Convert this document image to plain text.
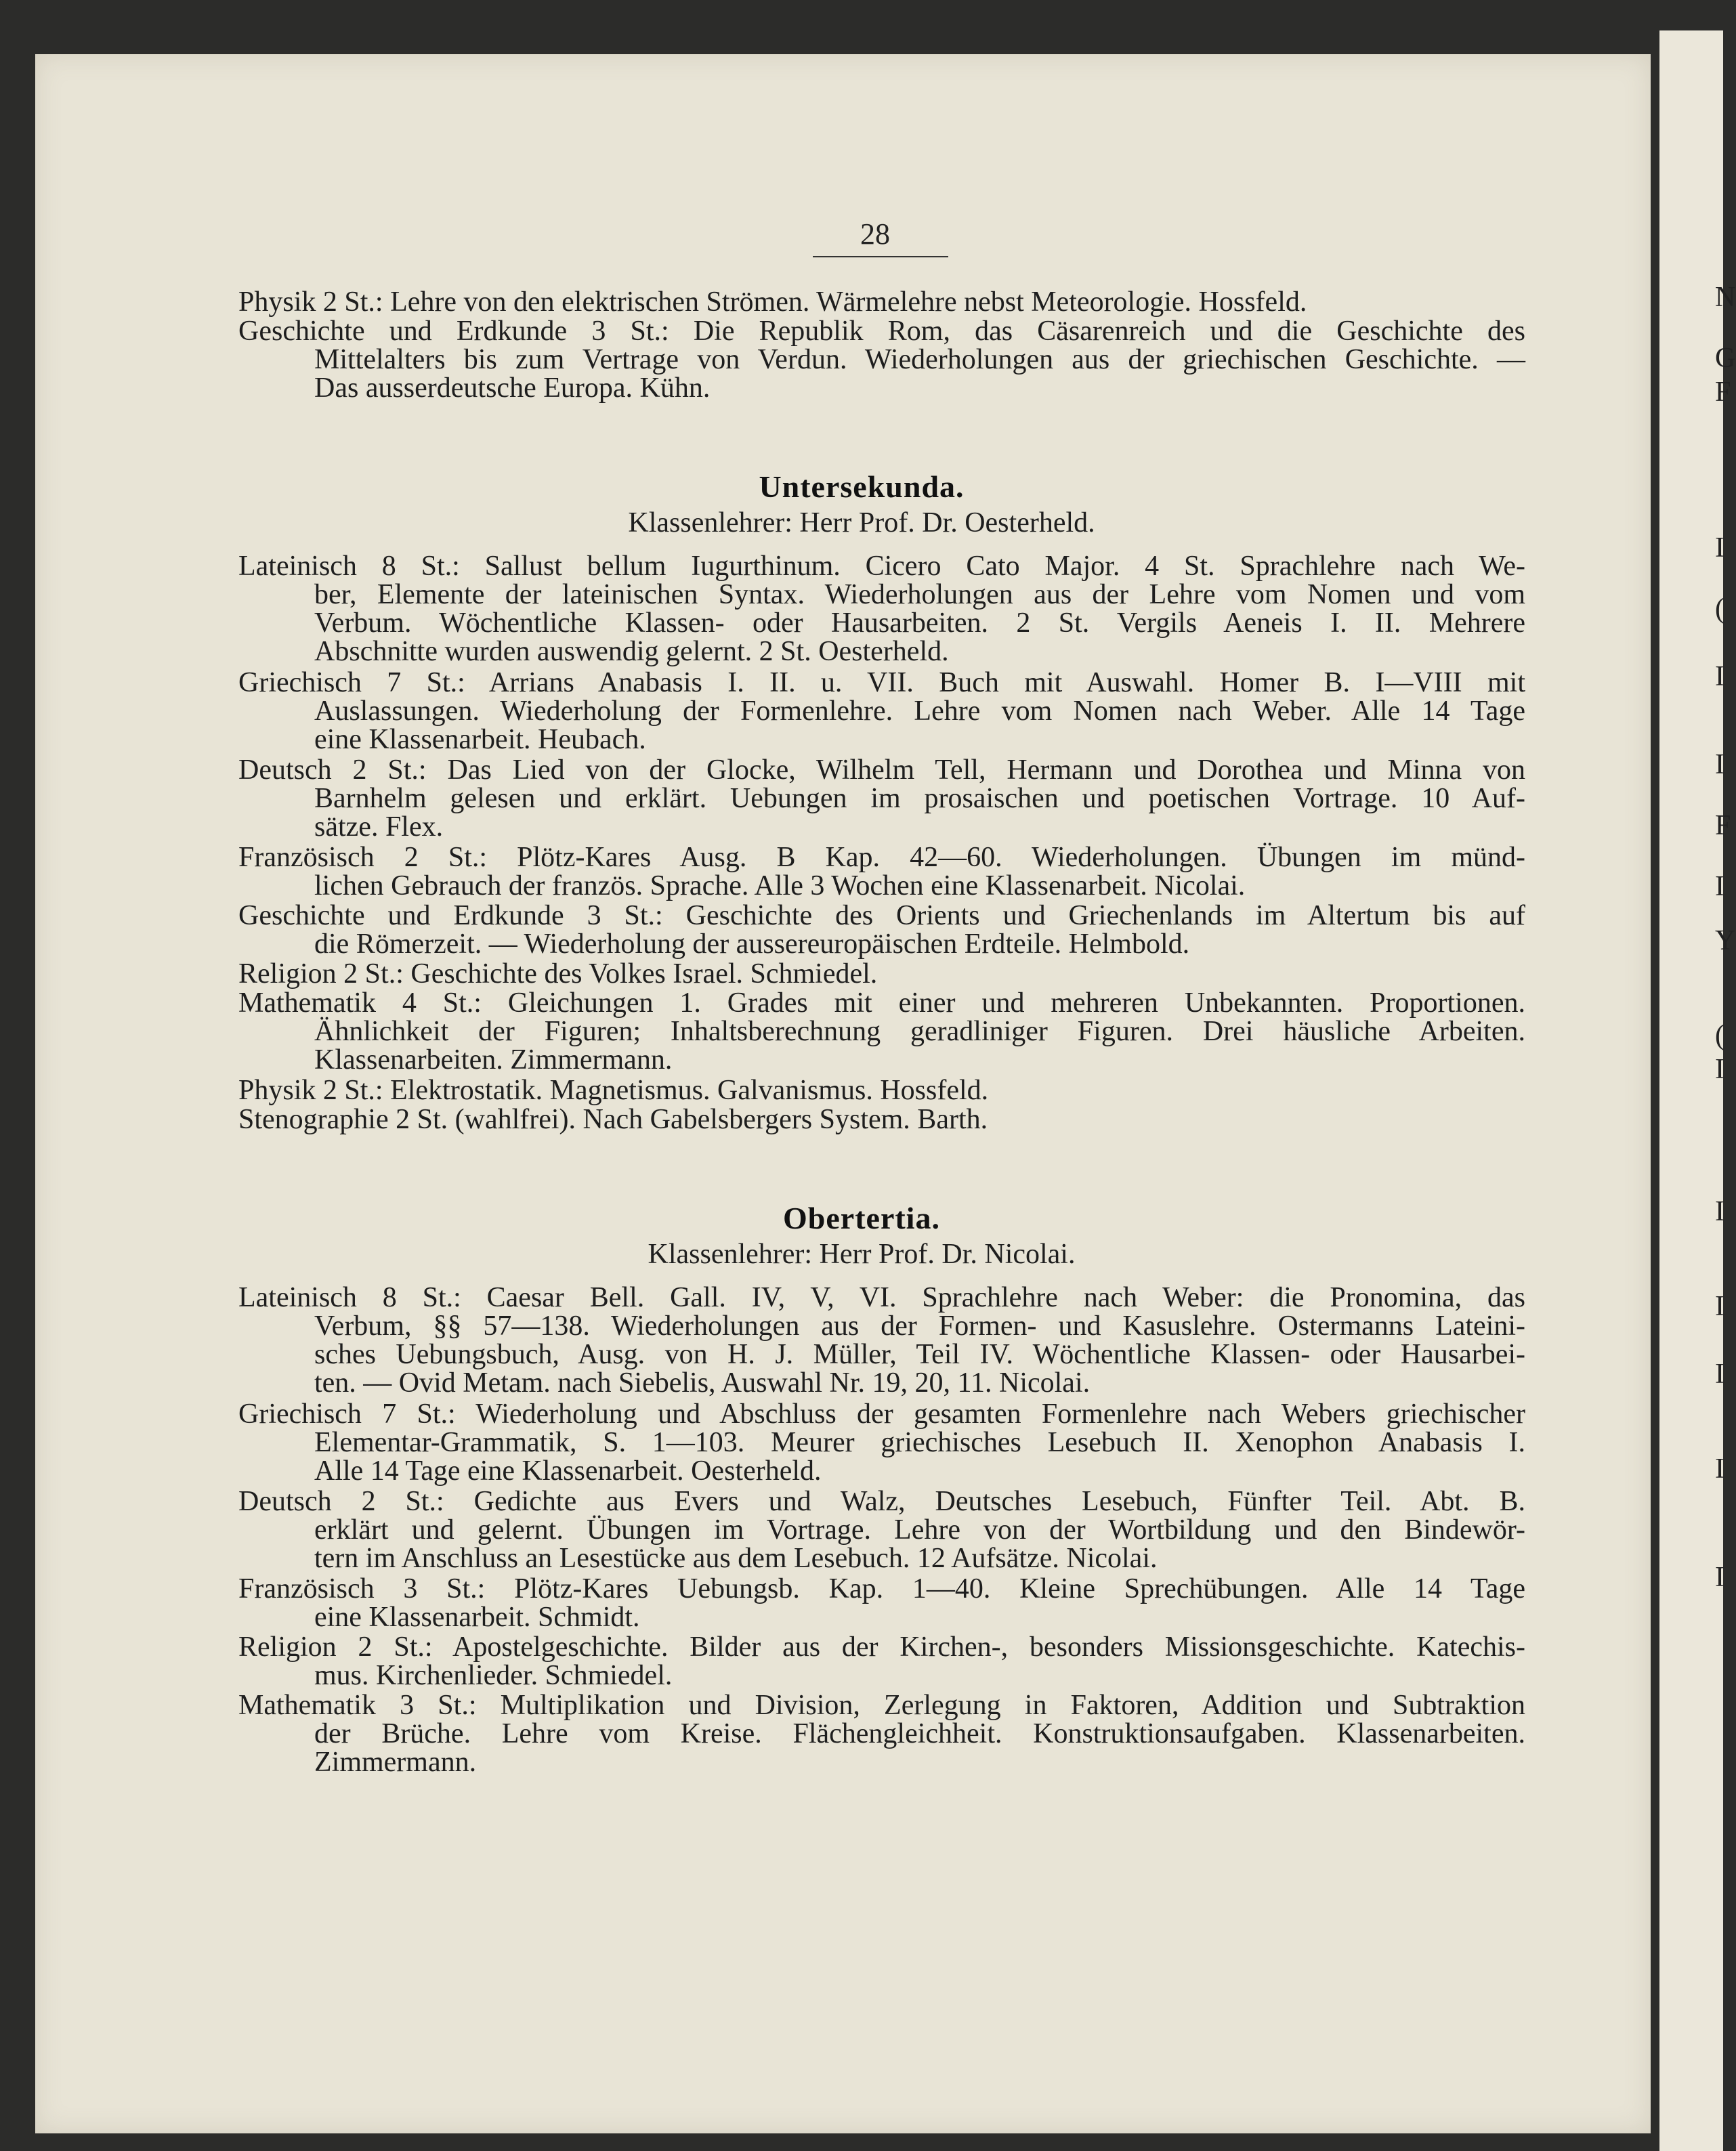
N
G
F
I
(
I
I
F
I
Y
(
I
I
I
I
I
I
28
Physik 2 St.: Lehre von den elektrischen Strömen. Wärmelehre nebst Meteorologie. Hossfeld.
Geschichte und Erdkunde 3 St.: Die Republik Rom, das Cäsarenreich und die Geschichte des
Mittelalters bis zum Vertrage von Verdun. Wiederholungen aus der griechischen Geschichte. —
Das ausserdeutsche Europa. Kühn.
Untersekunda.
Klassenlehrer: Herr Prof. Dr. Oesterheld.
Lateinisch 8 St.: Sallust bellum Iugurthinum. Cicero Cato Major. 4 St. Sprachlehre nach We-
ber, Elemente der lateinischen Syntax. Wiederholungen aus der Lehre vom Nomen und vom
Verbum. Wöchentliche Klassen- oder Hausarbeiten. 2 St. Vergils Aeneis I. II. Mehrere
Abschnitte wurden auswendig gelernt. 2 St. Oesterheld.
Griechisch 7 St.: Arrians Anabasis I. II. u. VII. Buch mit Auswahl. Homer B. I—VIII mit
Auslassungen. Wiederholung der Formenlehre. Lehre vom Nomen nach Weber. Alle 14 Tage
eine Klassenarbeit. Heubach.
Deutsch 2 St.: Das Lied von der Glocke, Wilhelm Tell, Hermann und Dorothea und Minna von
Barnhelm gelesen und erklärt. Uebungen im prosaischen und poetischen Vortrage. 10 Auf-
sätze. Flex.
Französisch 2 St.: Plötz-Kares Ausg. B Kap. 42—60. Wiederholungen. Übungen im münd-
lichen Gebrauch der französ. Sprache. Alle 3 Wochen eine Klassenarbeit. Nicolai.
Geschichte und Erdkunde 3 St.: Geschichte des Orients und Griechenlands im Altertum bis auf
die Römerzeit. — Wiederholung der aussereuropäischen Erdteile. Helmbold.
Religion 2 St.: Geschichte des Volkes Israel. Schmiedel.
Mathematik 4 St.: Gleichungen 1. Grades mit einer und mehreren Unbekannten. Proportionen.
Ähnlichkeit der Figuren; Inhaltsberechnung geradliniger Figuren. Drei häusliche Arbeiten.
Klassenarbeiten. Zimmermann.
Physik 2 St.: Elektrostatik. Magnetismus. Galvanismus. Hossfeld.
Stenographie 2 St. (wahlfrei). Nach Gabelsbergers System. Barth.
Obertertia.
Klassenlehrer: Herr Prof. Dr. Nicolai.
Lateinisch 8 St.: Caesar Bell. Gall. IV, V, VI. Sprachlehre nach Weber: die Pronomina, das
Verbum, §§ 57—138. Wiederholungen aus der Formen- und Kasuslehre. Ostermanns Lateini-
sches Uebungsbuch, Ausg. von H. J. Müller, Teil IV. Wöchentliche Klassen- oder Hausarbei-
ten. — Ovid Metam. nach Siebelis, Auswahl Nr. 19, 20, 11. Nicolai.
Griechisch 7 St.: Wiederholung und Abschluss der gesamten Formenlehre nach Webers griechischer
Elementar-Grammatik, S. 1—103. Meurer griechisches Lesebuch II. Xenophon Anabasis I.
Alle 14 Tage eine Klassenarbeit. Oesterheld.
Deutsch 2 St.: Gedichte aus Evers und Walz, Deutsches Lesebuch, Fünfter Teil. Abt. B.
erklärt und gelernt. Übungen im Vortrage. Lehre von der Wortbildung und den Bindewör-
tern im Anschluss an Lesestücke aus dem Lesebuch. 12 Aufsätze. Nicolai.
Französisch 3 St.: Plötz-Kares Uebungsb. Kap. 1—40. Kleine Sprechübungen. Alle 14 Tage
eine Klassenarbeit. Schmidt.
Religion 2 St.: Apostelgeschichte. Bilder aus der Kirchen-, besonders Missionsgeschichte. Katechis-
mus. Kirchenlieder. Schmiedel.
Mathematik 3 St.: Multiplikation und Division, Zerlegung in Faktoren, Addition und Subtraktion
der Brüche. Lehre vom Kreise. Flächengleichheit. Konstruktionsaufgaben. Klassenarbeiten.
Zimmermann.
